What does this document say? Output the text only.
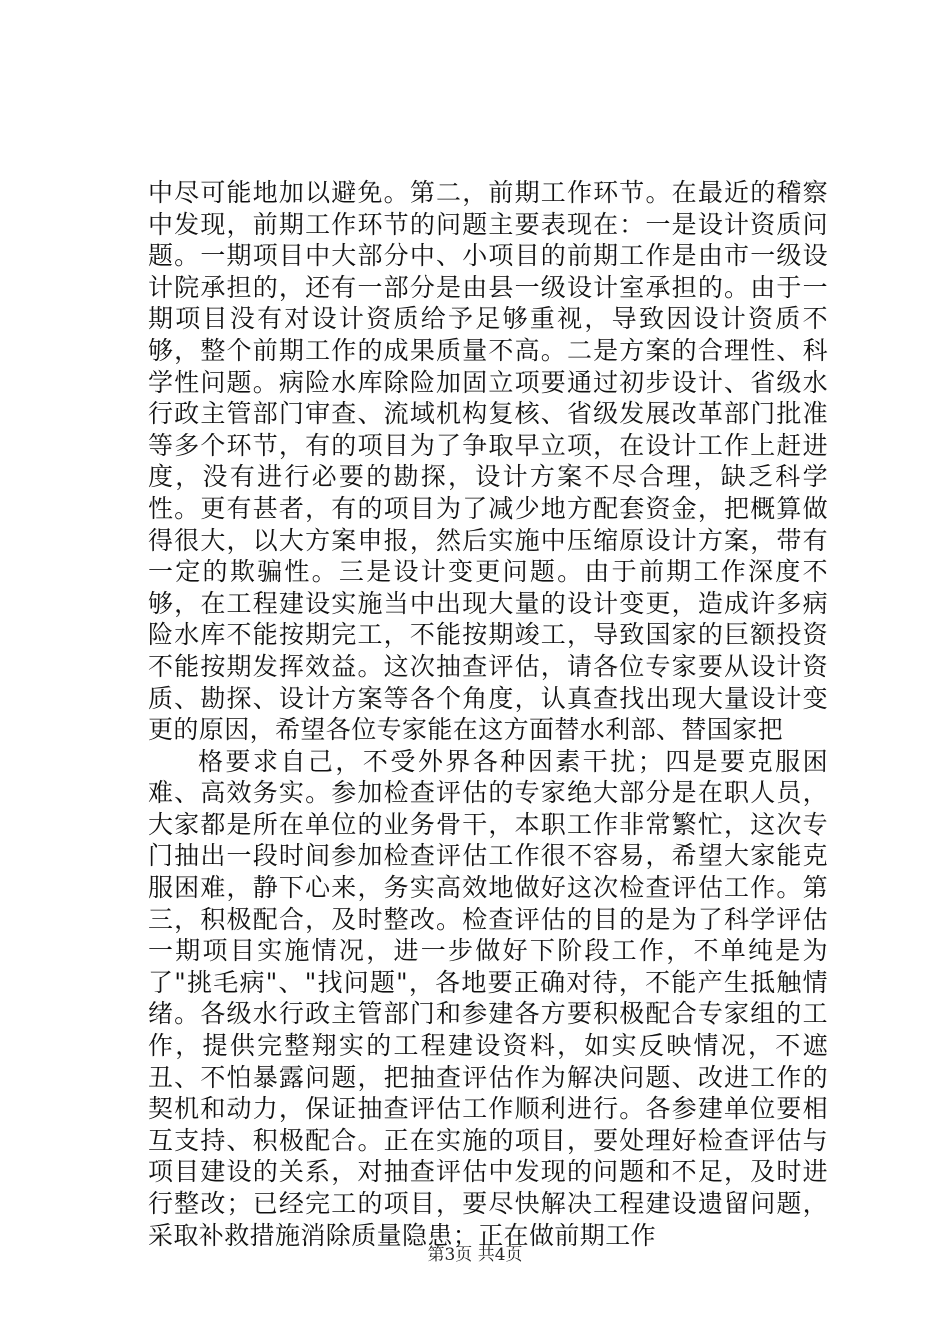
中尽可能地加以避免。第二，前期工作环节。在最近的稽察中发现，前期工作环节的问题主要表现在：一是设计资质问题。一期项目中大部分中、小项目的前期工作是由市一级设计院承担的，还有一部分是由县一级设计室承担的。由于一期项目没有对设计资质给予足够重视，导致因设计资质不够，整个前期工作的成果质量不高。二是方案的合理性、科学性问题。病险水库除险加固立项要通过初步设计、省级水行政主管部门审查、流域机构复核、省级发展改革部门批准等多个环节，有的项目为了争取早立项，在设计工作上赶进度，没有进行必要的勘探，设计方案不尽合理，缺乏科学性。更有甚者，有的项目为了减少地方配套资金，把概算做得很大，以大方案申报，然后实施中压缩原设计方案，带有一定的欺骗性。三是设计变更问题。由于前期工作深度不够，在工程建设实施当中出现大量的设计变更，造成许多病险水库不能按期完工，不能按期竣工，导致国家的巨额投资不能按期发挥效益。这次抽查评估，请各位专家要从设计资质、勘探、设计方案等各个角度，认真查找出现大量设计变更的原因，希望各位专家能在这方面替水利部、替国家把

格要求自己，不受外界各种因素干扰；四是要克服困难、高效务实。参加检查评估的专家绝大部分是在职人员，大家都是所在单位的业务骨干，本职工作非常繁忙，这次专门抽出一段时间参加检查评估工作很不容易，希望大家能克服困难，静下心来，务实高效地做好这次检查评估工作。第三，积极配合，及时整改。检查评估的目的是为了科学评估一期项目实施情况，进一步做好下阶段工作，不单纯是为了"挑毛病"、"找问题"，各地要正确对待，不能产生抵触情绪。各级水行政主管部门和参建各方要积极配合专家组的工作，提供完整翔实的工程建设资料，如实反映情况，不遮丑、不怕暴露问题，把抽查评估作为解决问题、改进工作的契机和动力，保证抽查评估工作顺利进行。各参建单位要相互支持、积极配合。正在实施的项目，要处理好检查评估与项目建设的关系，对抽查评估中发现的问题和不足，及时进行整改；已经完工的项目，要尽快解决工程建设遗留问题，采取补救措施消除质量隐患；正在做前期工作

第3页 共4页
